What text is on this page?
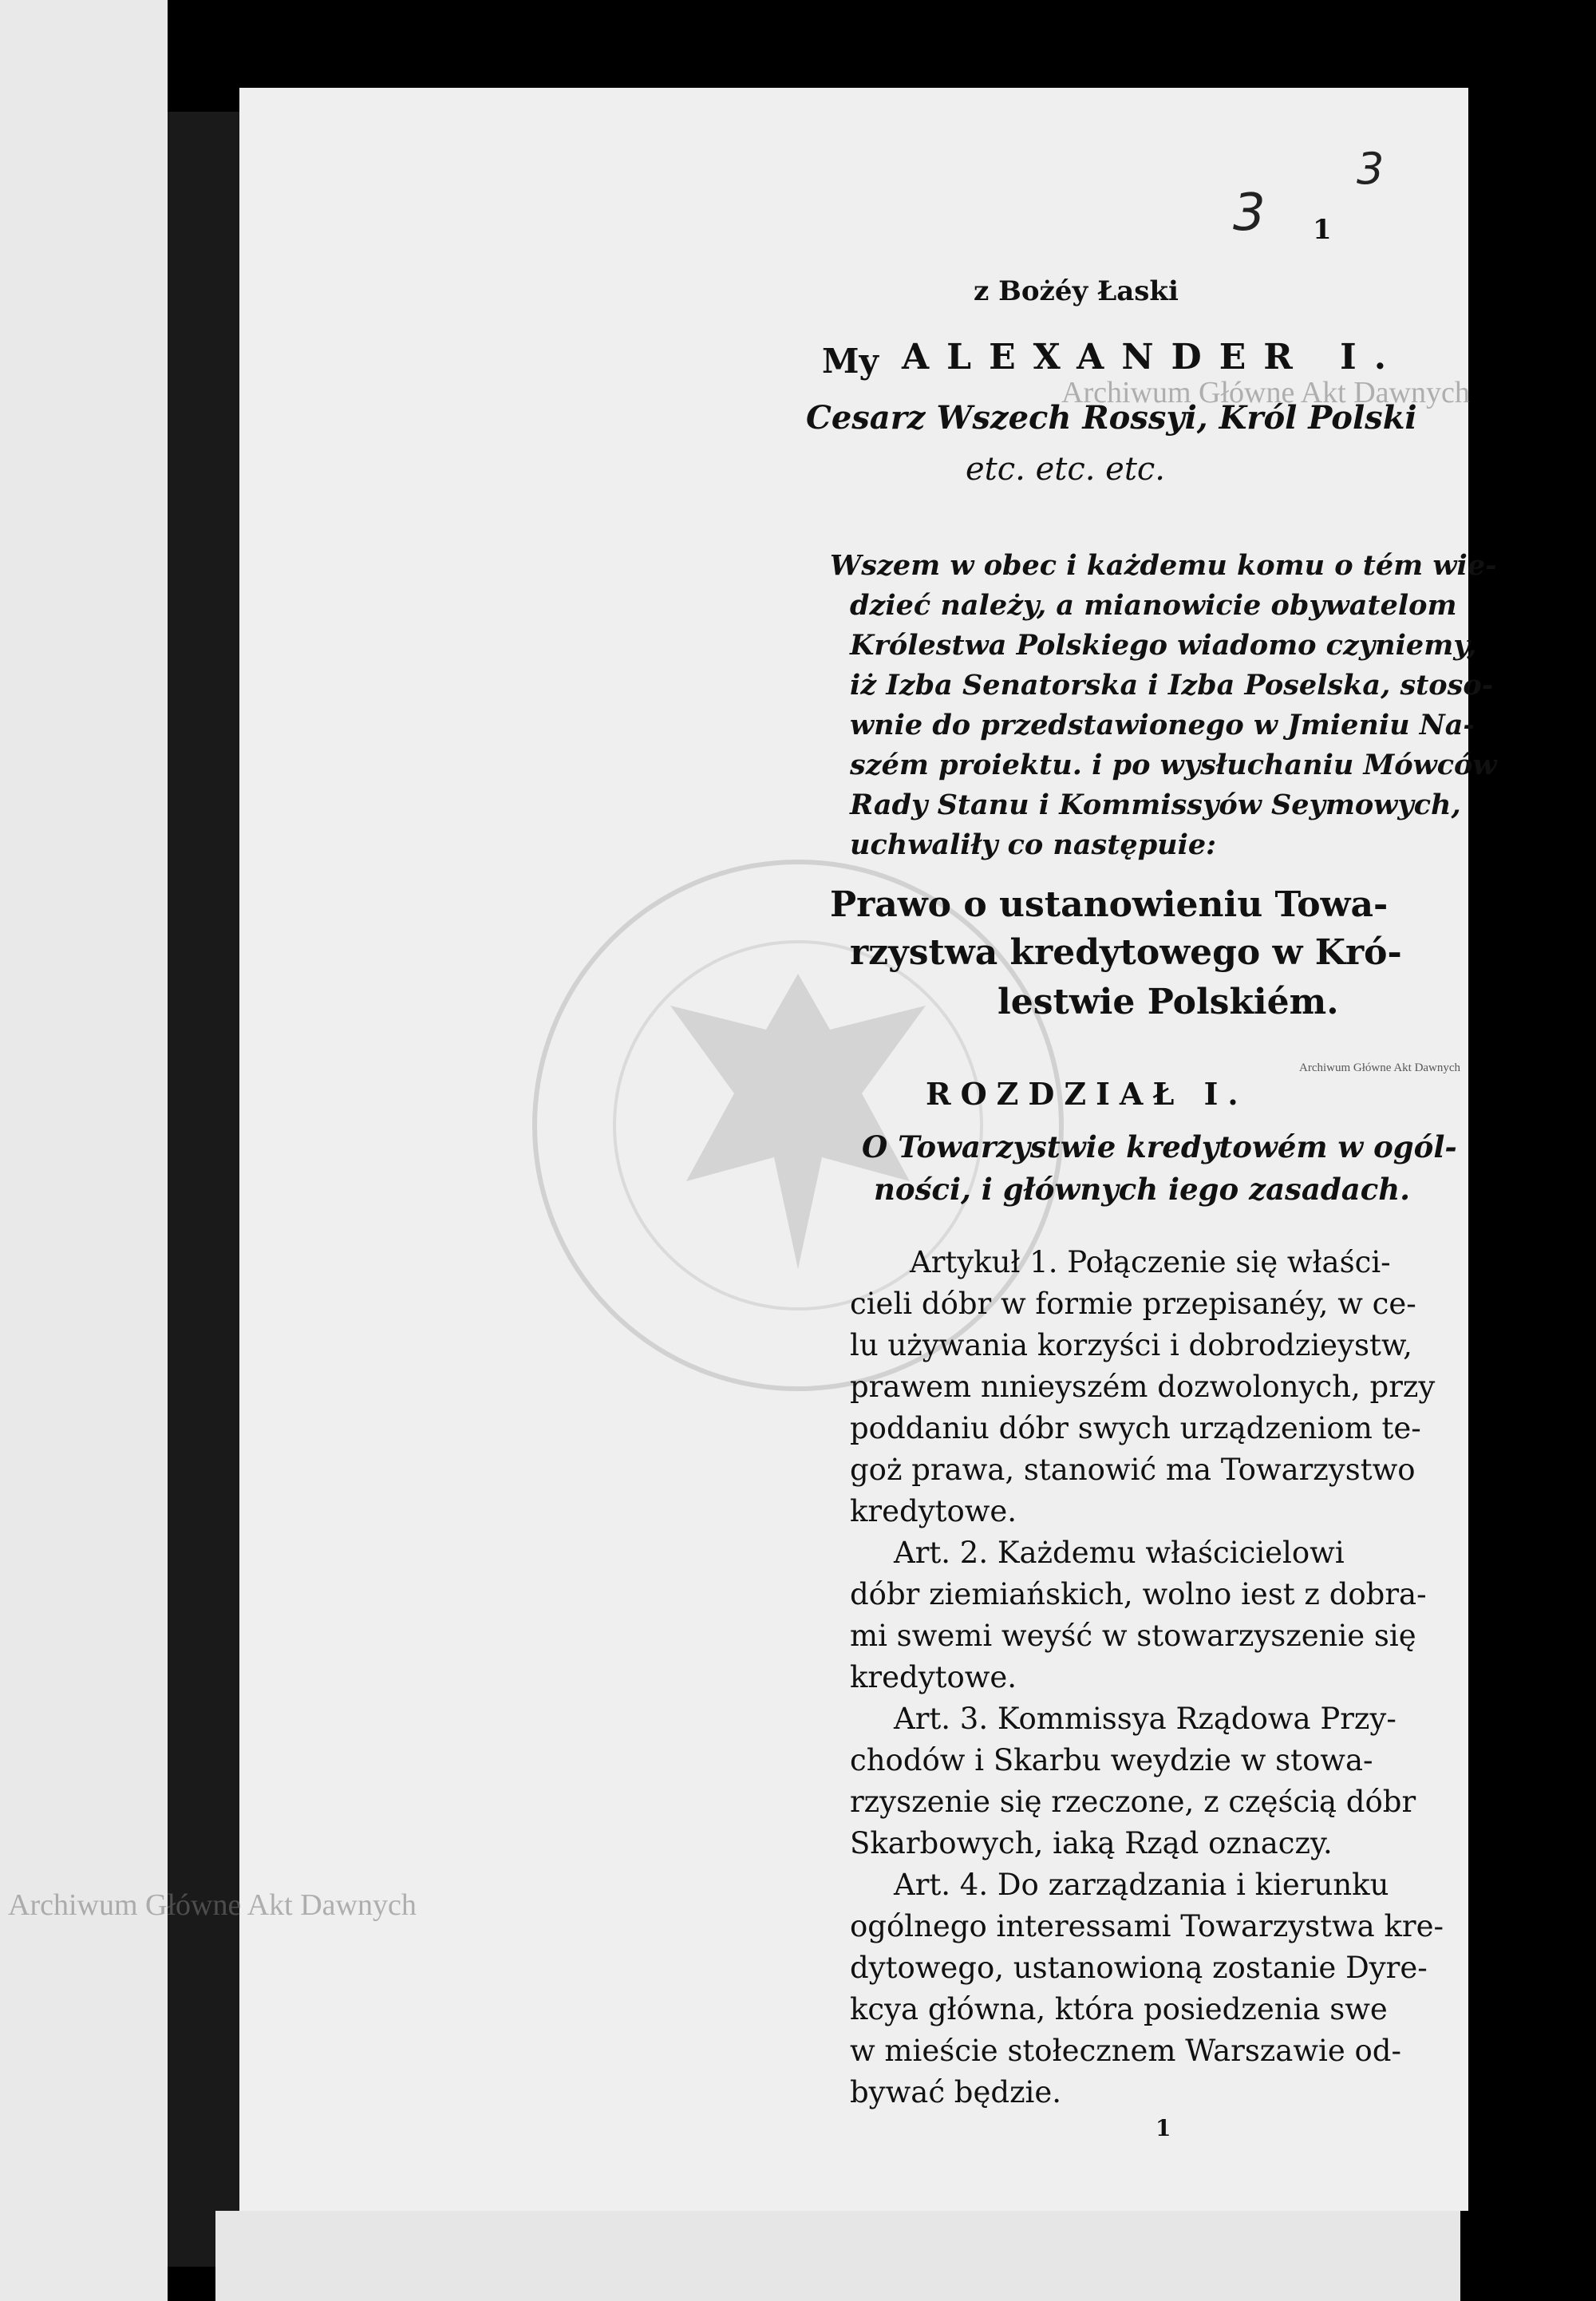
3
3
1
Archiwum Główne Akt Dawnych
Archiwum Główne Akt Dawnych
Archiwum Główne Akt Dawnych
z Bożéy Łaski
My ALEXANDER I.
Cesarz Wszech Rossyi, Król Polski
etc. etc. etc.
Wszem w obec i każdemu komu o tém wie-
dzieć należy, a mianowicie obywatelom
Królestwa Polskiego wiadomo czyniemy,
iż Izba Senatorska i Izba Poselska, stoso-
wnie do przedstawionego w Jmieniu Na-
szém proiektu. i po wysłuchaniu Mówców
Rady Stanu i Kommissyów Seymowych,
uchwaliły co następuie:
Prawo o ustanowieniu Towa-
rzystwa kredytowego w Kró-
lestwie Polskiém.
ROZDZIAŁ I.
O Towarzystwie kredytowém w ogól-
ności, i głównych iego zasadach.
Artykuł 1. Połączenie się właści-
cieli dóbr w formie przepisanéy, w ce-
lu używania korzyści i dobrodzieystw,
prawem nınieyszém dozwolonych, przy
poddaniu dóbr swych urządzeniom te-
goż prawa, stanowić ma Towarzystwo
kredytowe.
Art. 2. Każdemu właścicielowi
dóbr ziemiańskich, wolno iest z dobra-
mi swemi weyść w stowarzyszenie się
kredytowe.
Art. 3. Kommissya Rządowa Przy-
chodów i Skarbu weydzie w stowa-
rzyszenie się rzeczone, z częścią dóbr
Skarbowych, iaką Rząd oznaczy.
Art. 4. Do zarządzania i kierunku
ogólnego interessami Towarzystwa kre-
dytowego, ustanowioną zostanie Dyre-
kcya główna, która posiedzenia swe
w mieście stołecznem Warszawie od-
bywać będzie.
1
